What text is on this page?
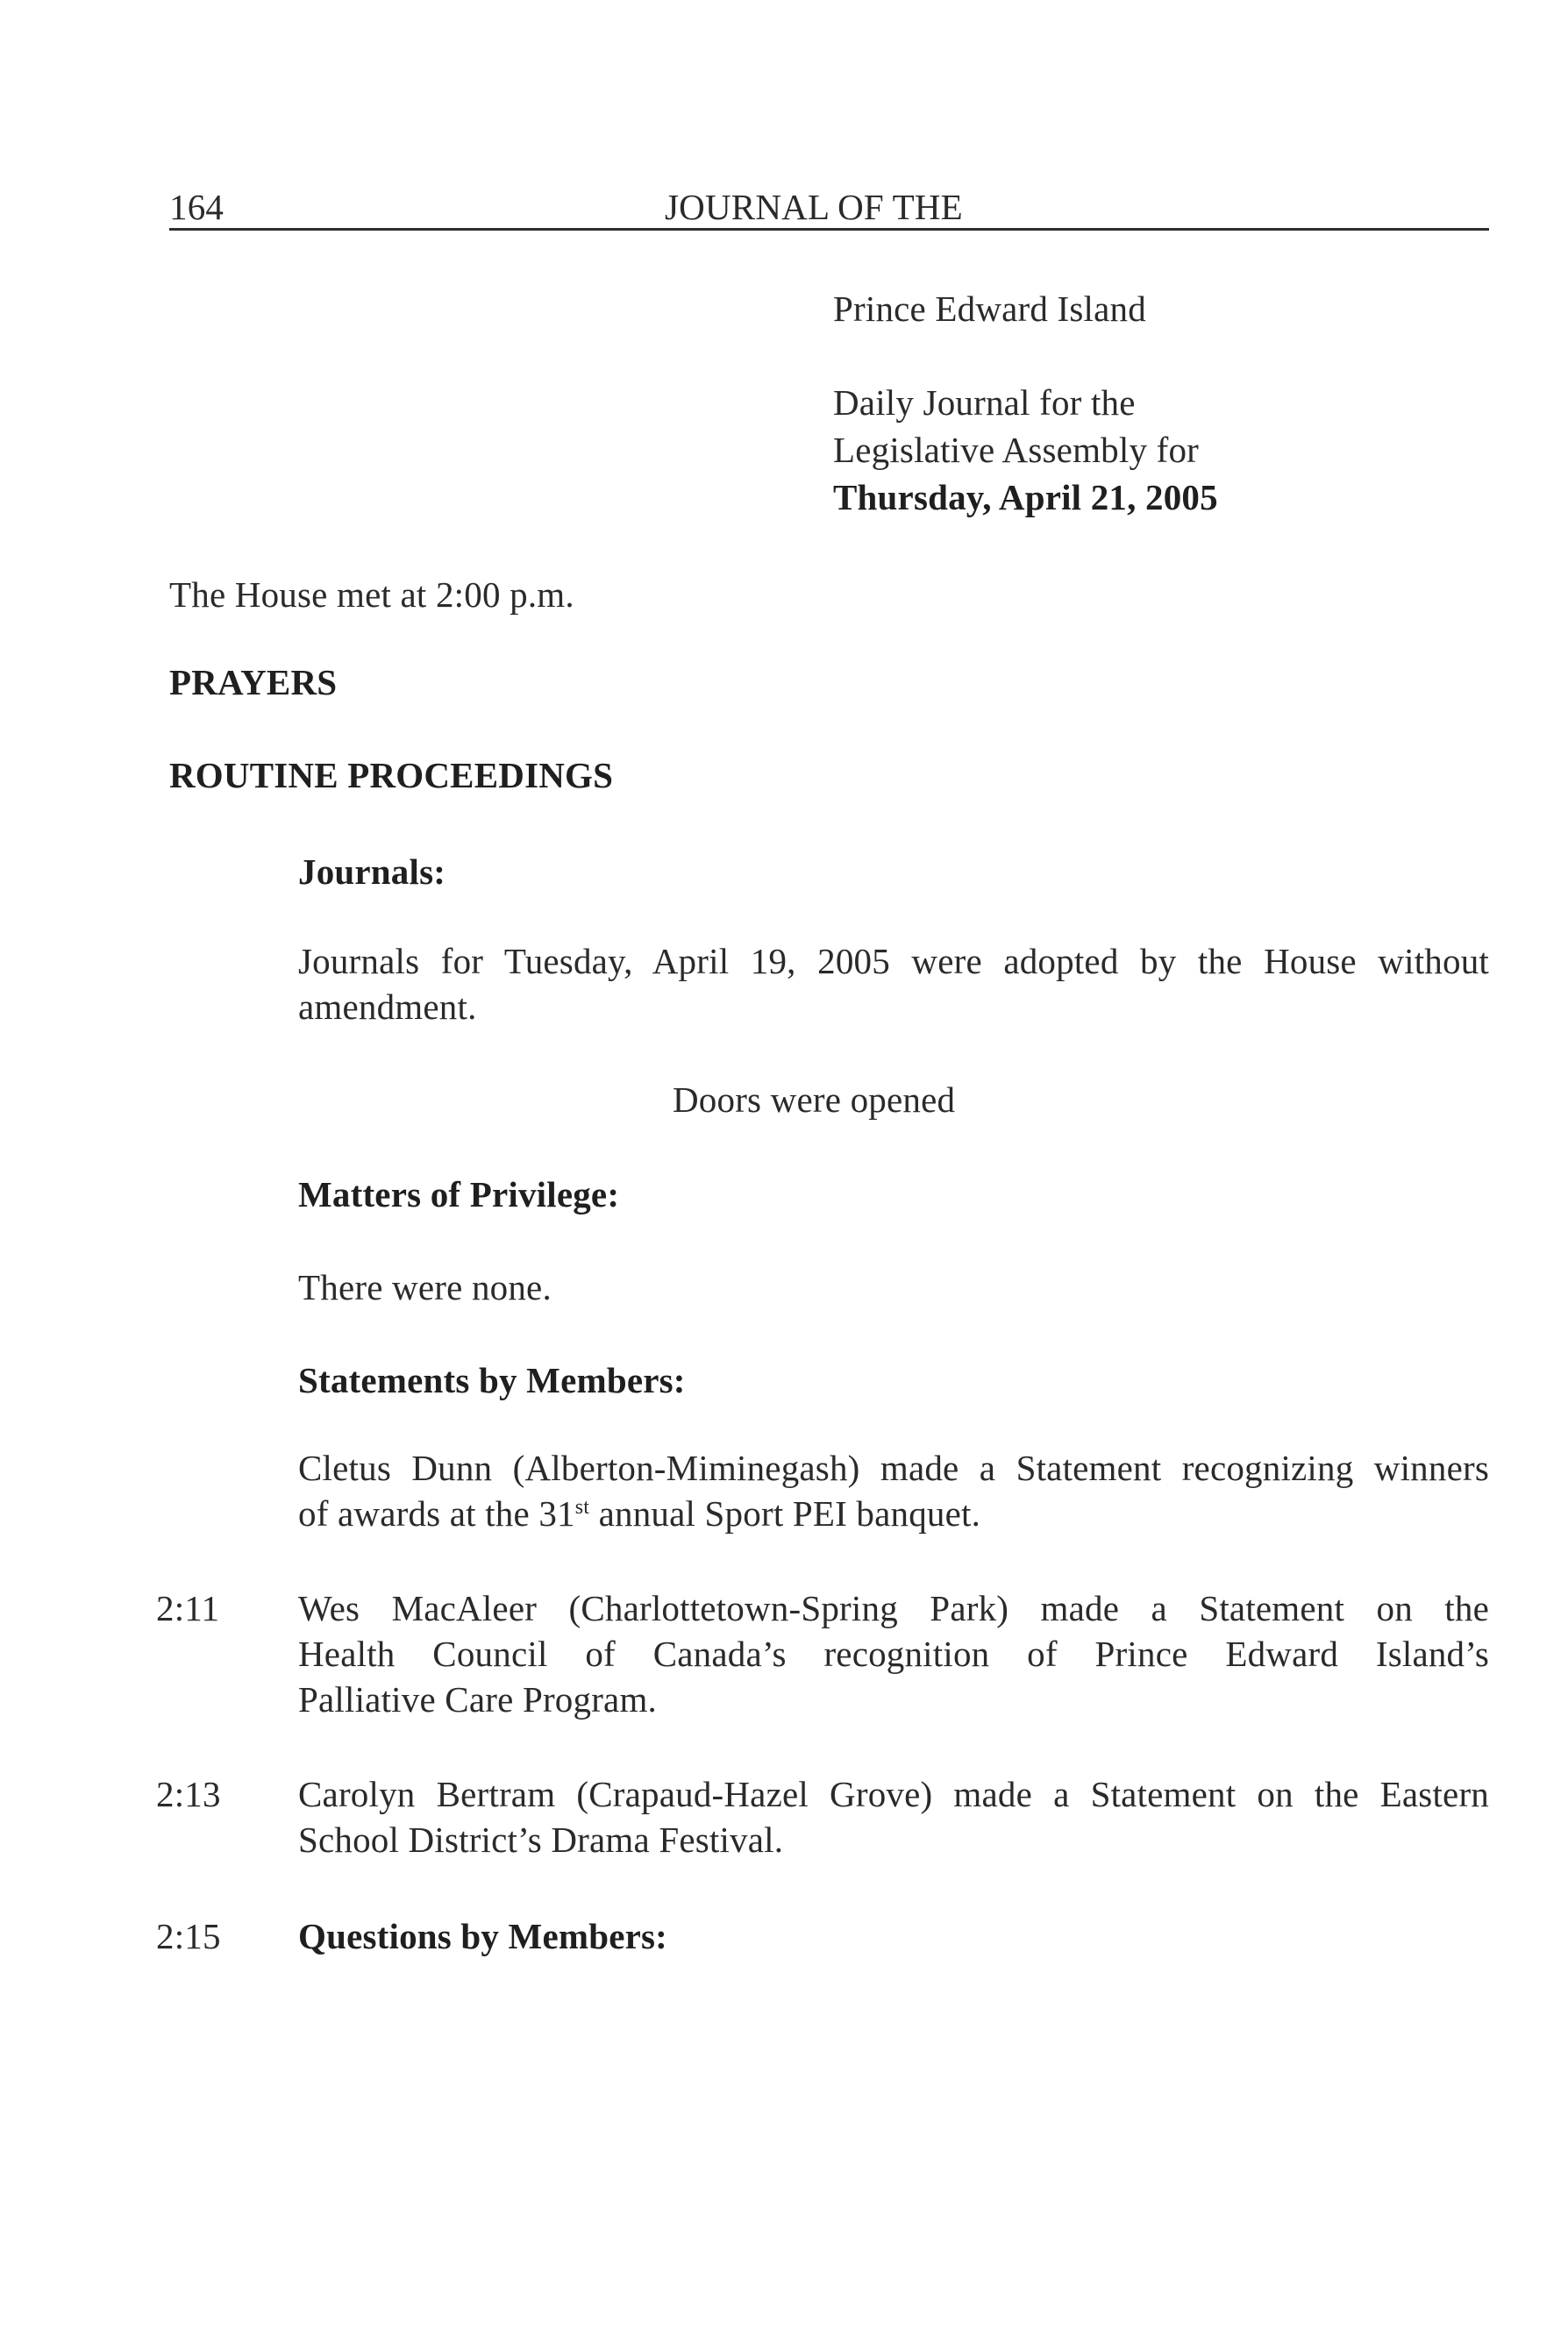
164	JOURNAL OF THE
Prince Edward Island
Daily Journal for the
Legislative Assembly for
Thursday, April 21, 2005
The House met at 2:00 p.m.
PRAYERS
ROUTINE PROCEEDINGS
Journals:
Journals for Tuesday, April 19, 2005 were adopted by the House without
amendment.
Doors were opened
Matters of Privilege:
There were none.
Statements by Members:
Cletus Dunn (Alberton-Miminegash) made a Statement recognizing winners
of awards at the 31st annual Sport PEI banquet.
2:11 Wes MacAleer (Charlottetown-Spring Park) made a Statement on the
Health Council of Canada’s recognition of Prince Edward Island’s
Palliative Care Program.
2:13 Carolyn Bertram (Crapaud-Hazel Grove) made a Statement on the Eastern
School District’s Drama Festival.
2:15 Questions by Members:
